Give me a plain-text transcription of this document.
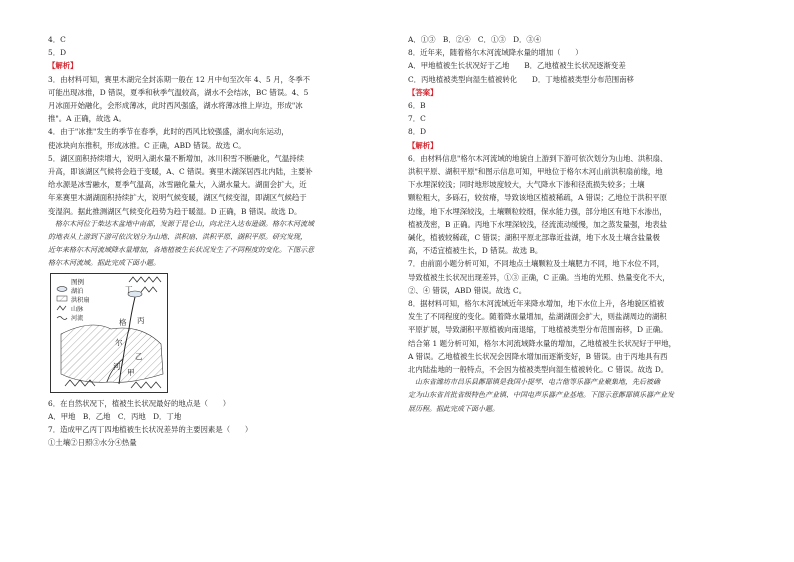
4．C
5．D
【解析】
3．由材料可知，赛里木湖完全封冻期一般在 12 月中旬至次年 4、5 月，冬季不
可能出现冰推，D 错误，夏季和秋季气温较高，湖水不会结冰，BC 错误。4、5
月冰面开始融化，会形成薄冰，此时西风强盛，湖水将薄冰推上岸边，形成"冰
推"。A 正确，故选 A。
4．由于"冰推"发生的季节在春季，此时的西风比较强盛，湖水向东运动，
使冰块向东推积，形成冰推。C 正确，ABD 错误。故选 C。
5．湖区面积持续增大，说明入湖水量不断增加，冰川积雪不断融化，气温持续
升高，即该湖区气候将会趋于变暖，A、C 错误。赛里木湖深居西北内陆，主要补
给水源是冰雪融水，夏季气温高，冰雪融化量大，入湖水量大。湖面会扩大，近
年来赛里木湖湖面积持续扩大，说明气候变暖，湖区气候变湿，即湖区气候趋于
变湿润。据此推测湖区气候变化趋势为趋于暖湿。D 正确，B 错误。故选 D。
格尔木河位于柴达木盆地中南部，发源于昆仑山，向北注入达布逊湖。格尔木河流域
的地表从上游到下游可依次划分为山地、洪积扇、洪积平原、湖积平原。研究发现，
近年来格尔木河流域降水量增加，各地植被生长状况发生了不同程度的变化。下图示意
格尔木河流域。据此完成下面小题。
图例
湖泊
洪积扇
山脉
河流
丁
格
尔
丙
河
甲
乙
6．在自然状况下，植被生长状况最好的地点是（　　）
A．甲地　B．乙地　C．丙地　D．丁地
7．造成甲乙丙丁四地植被生长状况差异的主要因素是（　　）
①土壤②日照③水分④热量
A．①③　B．②④　C．①③　D．③④
8．近年来，随着格尔木河流域降水量的增加（　　）
A．甲地植被生长状况好于乙地　　B．乙地植被生长状况逐渐变差
C．丙地植被类型向湿生植被转化　　D．丁地植被类型分布范围南移
【答案】
6．B
7．C
8．D
【解析】
6．由材料信息"格尔木河流域的地貌自上游到下游可依次划分为山地、洪积扇、
洪积平原、湖积平原"和图示信息可知，甲地位于格尔木河山前洪积扇前缘，地
下水埋深较浅；同时地形坡度较大，大气降水下渗和径流损失较多；土壤
颗粒粗大，多砾石，较贫瘠，导致该地区植被稀疏，A 错误；乙地位于洪积平原
边缘，地下水埋深较浅，土壤颗粒较细，保水能力强，部分地区有地下水渗出，
植被茂密，B 正确。丙地下水埋深较浅，径流流动缓慢，加之蒸发量强，地表盐
碱化，植被较稀疏，C 错误；湖积平原北部靠近盐湖，地下水及土壤含盐量极
高，不适宜植被生长，D 错误。故选 B。
7．由前面小题分析可知，不同地点土壤颗粒及土壤肥力不同，地下水位不同，
导致植被生长状况出现差异，①③ 正确，C 正确。当地的光照、热量变化不大，
②、④ 错误，ABD 错误。故选 C。
8．据材料可知，格尔木河流域近年来降水增加，地下水位上升，各地貌区植被
发生了不同程度的变化。随着降水量增加，盐湖湖面会扩大，则盐湖周边的湖积
平原扩展，导致湖积平原植被向南退缩，丁地植被类型分布范围南移，D 正确。
结合第 1 题分析可知，格尔木河流域降水量的增加，乙地植被生长状况好于甲地，
A 错误。乙地植被生长状况会因降水增加而逐渐变好，B 错误。由于丙地具有西
北内陆盐地的一般特点，不会因为植被类型向湿生植被转化。C 错误。故选 D。
山东省潍坊市昌乐县鄌郚镇是我国小提琴、电吉他等乐器产业聚集地，先后被确
定为山东省首批省级特色产业镇、中国电声乐器产业基地。下图示意鄌郚镇乐器产业发
展历程。据此完成下面小题。
